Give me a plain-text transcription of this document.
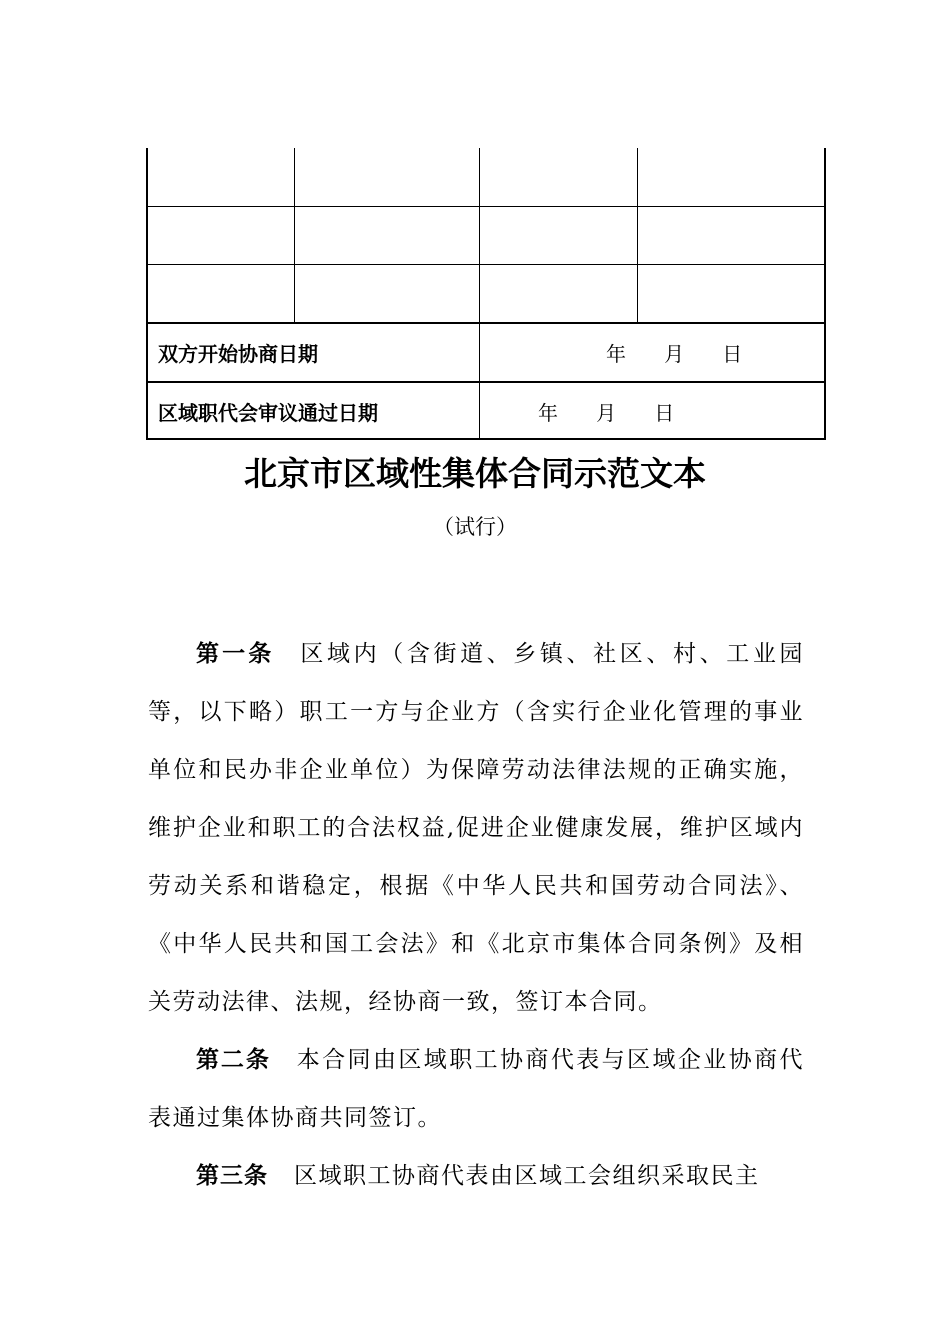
双方开始协商日期	年      月      日
区域职代会审议通过日期	年      月      日
北京市区域性集体合同示范文本
（试行）

第一条 区域内（含街道、乡镇、社区、村、工业园等，以下略）职工一方与企业方（含实行企业化管理的事业单位和民办非企业单位）为保障劳动法律法规的正确实施，维护企业和职工的合法权益,促进企业健康发展，维护区域内劳动关系和谐稳定，根据《中华人民共和国劳动合同法》、《中华人民共和国工会法》和《北京市集体合同条例》及相关劳动法律、法规，经协商一致，签订本合同。

第二条 本合同由区域职工协商代表与区域企业协商代表通过集体协商共同签订。

第三条 区域职工协商代表由区域工会组织采取民主
